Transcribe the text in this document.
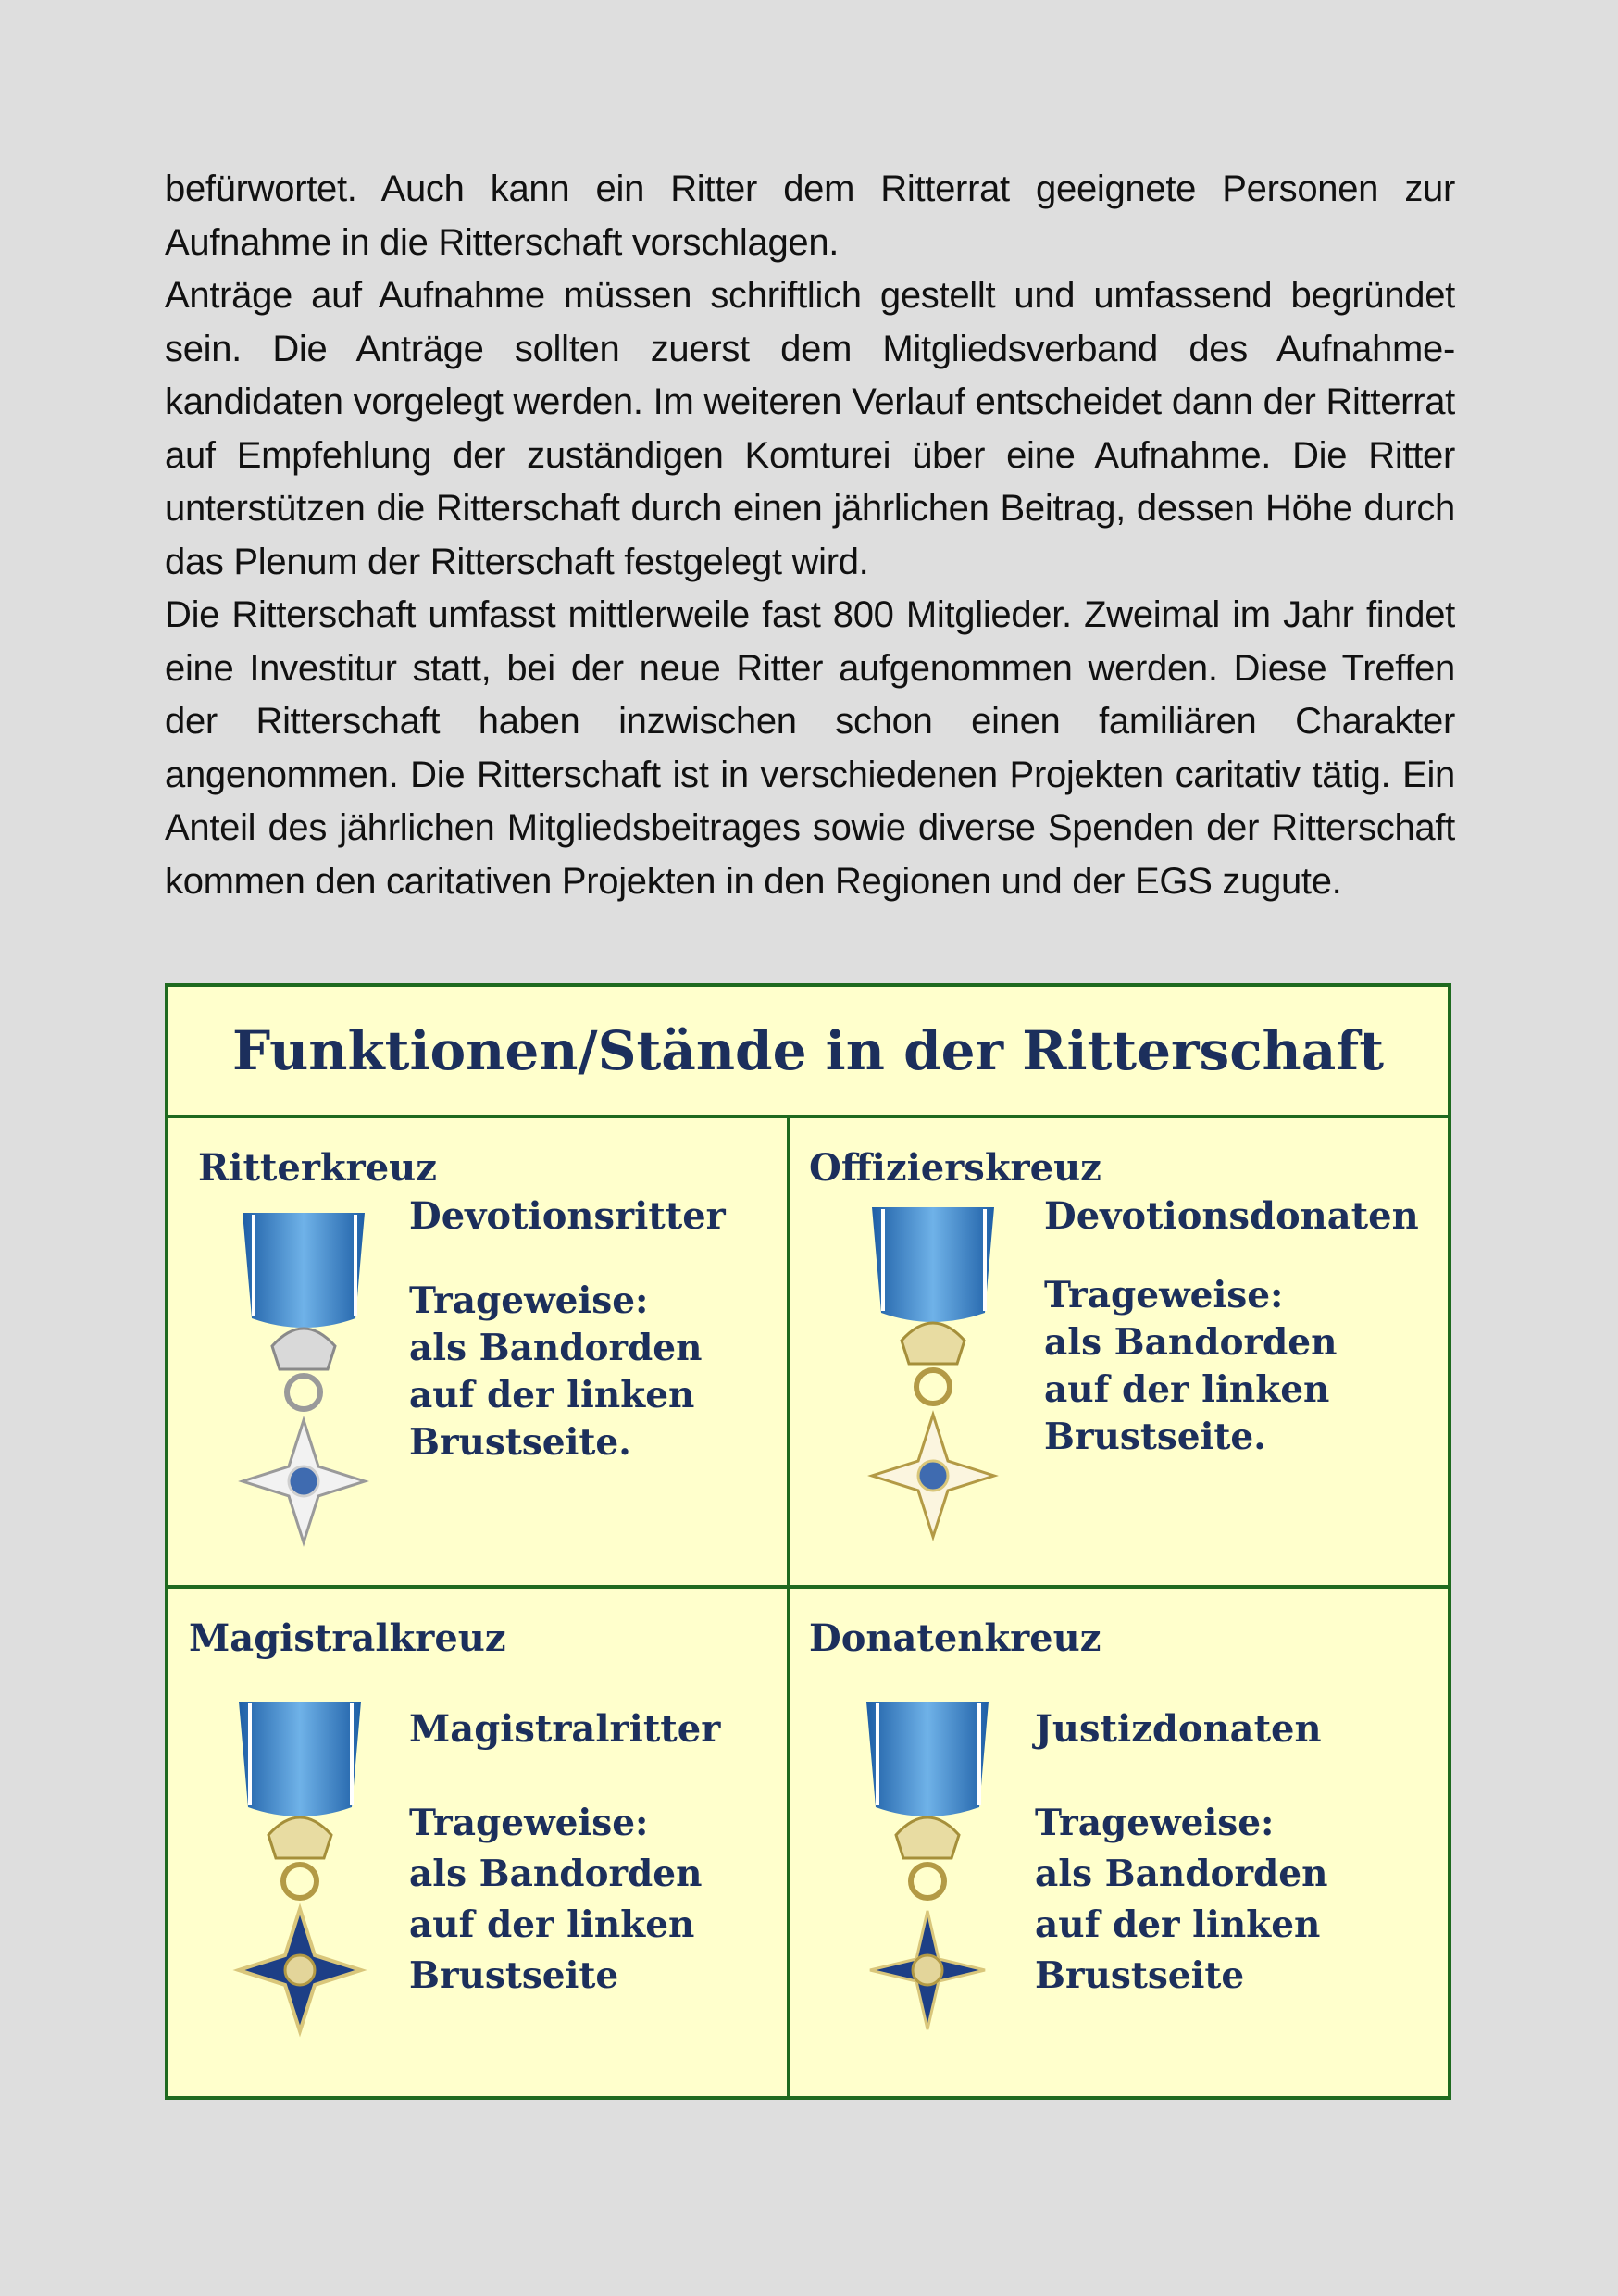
befürwortet. Auch kann ein Ritter dem Ritterrat geeignete Personen zur Aufnahme in die Ritterschaft vorschlagen.

Anträge auf Aufnahme müssen schriftlich gestellt und umfassend begründet sein. Die Anträge sollten zuerst dem Mitgliedsverband des Aufnahme-kandidaten vorgelegt werden. Im weiteren Verlauf entscheidet dann der Ritterrat auf Empfehlung der zuständigen Komturei über eine Aufnahme. Die Ritter unterstützen die Ritterschaft durch einen jährlichen Beitrag, dessen Höhe durch das Plenum der Ritterschaft festgelegt wird.

Die Ritterschaft umfasst mittlerweile fast 800 Mitglieder. Zweimal im Jahr findet eine Investitur statt, bei der neue Ritter aufgenommen werden. Diese Treffen der Ritterschaft haben inzwischen schon einen familiären Charakter angenommen. Die Ritterschaft ist in verschiedenen Projekten caritativ tätig. Ein Anteil des jährlichen Mitgliedsbeitrages sowie diverse Spenden der Ritterschaft kommen den caritativen Projekten in den Regionen und der EGS zugute.

Funktionen/Stände in der Ritterschaft
Ritterkreuz
Devotionsritter
Trageweise:
als Bandorden
auf der linken
Brustseite.
Offizierskreuz
Devotionsdonaten
Trageweise:
als Bandorden
auf der linken
Brustseite.
Magistralkreuz
Magistralritter
Trageweise:
als Bandorden
auf der linken
Brustseite
Donatenkreuz
Justizdonaten
Trageweise:
als Bandorden
auf der linken
Brustseite
